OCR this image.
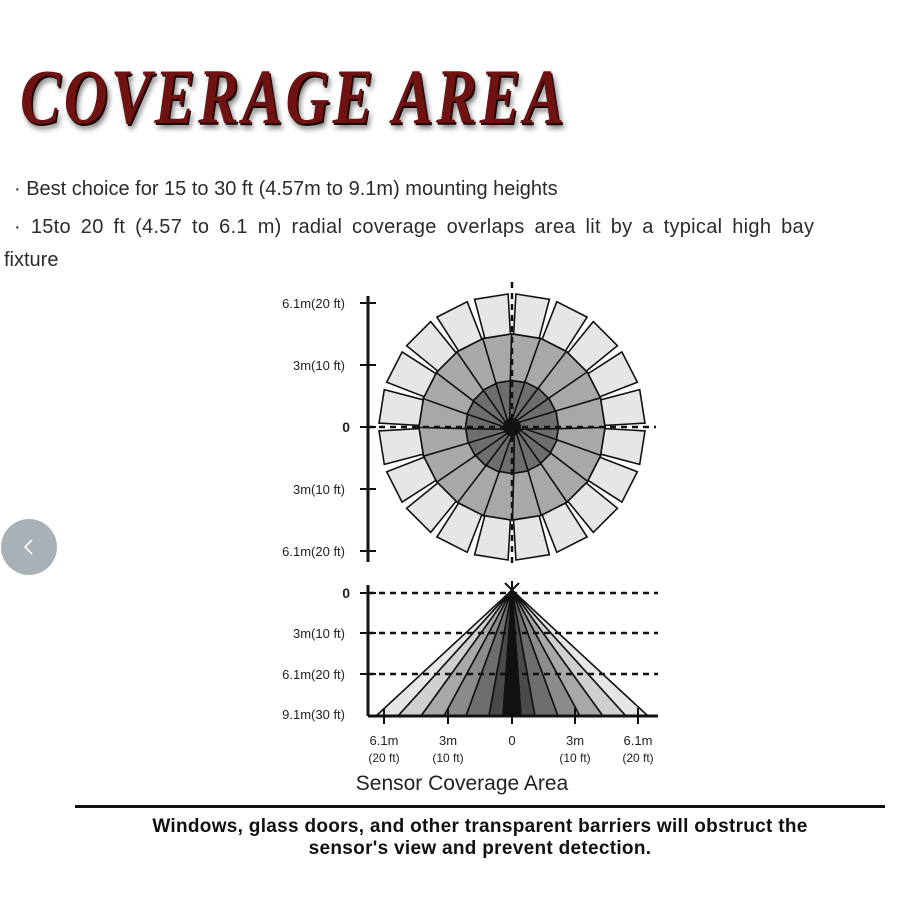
COVERAGE AREA
· Best choice for 15 to 30 ft (4.57m to 9.1m) mounting heights
· 15to 20 ft (4.57 to 6.1 m) radial coverage overlaps area lit by a typical high bay
fixture
6.1m(20 ft)
3m(10 ft)
0
3m(10 ft)
6.1m(20 ft)
0
3m(10 ft)
6.1m(20 ft)
9.1m(30 ft)
6.1m
(20 ft)
3m
(10 ft)
0	3m
(10 ft)
6.1m
(20 ft)
Sensor Coverage Area
Windows, glass doors, and other transparent barriers will obstruct the
sensor's view and prevent detection.
